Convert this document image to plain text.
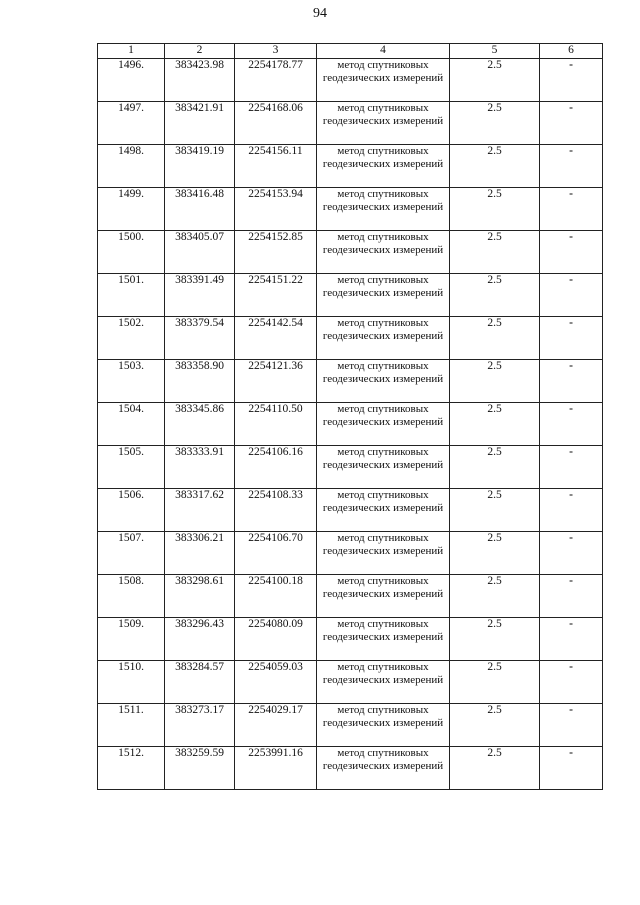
94
1	2	3	4	5	6
1496.	383423.98	2254178.77	метод спутниковых геодезических измерений	2.5	-
1497.	383421.91	2254168.06	метод спутниковых геодезических измерений	2.5	-
1498.	383419.19	2254156.11	метод спутниковых геодезических измерений	2.5	-
1499.	383416.48	2254153.94	метод спутниковых геодезических измерений	2.5	-
1500.	383405.07	2254152.85	метод спутниковых геодезических измерений	2.5	-
1501.	383391.49	2254151.22	метод спутниковых геодезических измерений	2.5	-
1502.	383379.54	2254142.54	метод спутниковых геодезических измерений	2.5	-
1503.	383358.90	2254121.36	метод спутниковых геодезических измерений	2.5	-
1504.	383345.86	2254110.50	метод спутниковых геодезических измерений	2.5	-
1505.	383333.91	2254106.16	метод спутниковых геодезических измерений	2.5	-
1506.	383317.62	2254108.33	метод спутниковых геодезических измерений	2.5	-
1507.	383306.21	2254106.70	метод спутниковых геодезических измерений	2.5	-
1508.	383298.61	2254100.18	метод спутниковых геодезических измерений	2.5	-
1509.	383296.43	2254080.09	метод спутниковых геодезических измерений	2.5	-
1510.	383284.57	2254059.03	метод спутниковых геодезических измерений	2.5	-
1511.	383273.17	2254029.17	метод спутниковых геодезических измерений	2.5	-
1512.	383259.59	2253991.16	метод спутниковых геодезических измерений	2.5	-
